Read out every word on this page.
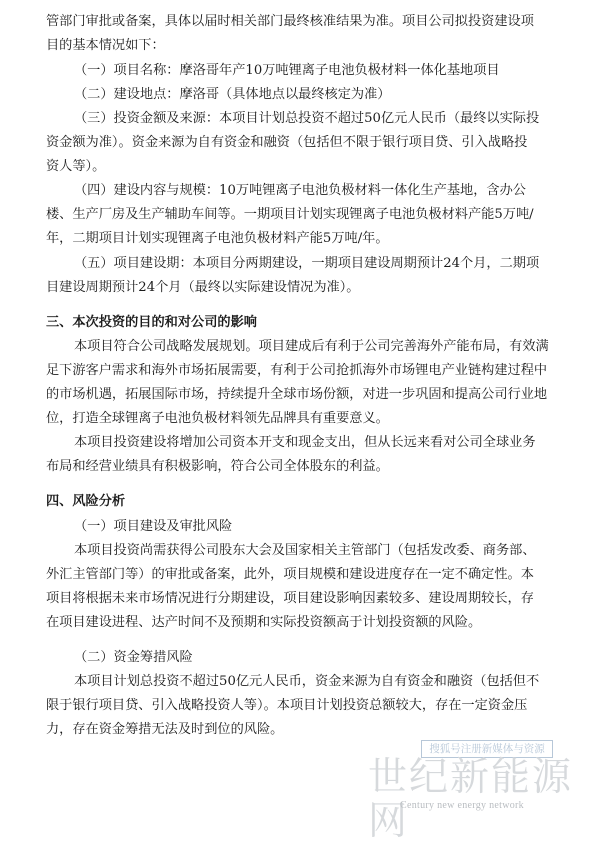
管部门审批或备案，具体以届时相关部门最终核准结果为准。项目公司拟投资建设项
目的基本情况如下：
（一）项目名称：摩洛哥年产10万吨锂离子电池负极材料一体化基地项目
（二）建设地点：摩洛哥（具体地点以最终核定为准）
（三）投资金额及来源：本项目计划总投资不超过50亿元人民币（最终以实际投
资金额为准）。资金来源为自有资金和融资（包括但不限于银行项目贷、引入战略投
资人等）。
（四）建设内容与规模：10万吨锂离子电池负极材料一体化生产基地，含办公
楼、生产厂房及生产辅助车间等。一期项目计划实现锂离子电池负极材料产能5万吨/
年，二期项目计划实现锂离子电池负极材料产能5万吨/年。
（五）项目建设期：本项目分两期建设，一期项目建设周期预计24个月，二期项
目建设周期预计24个月（最终以实际建设情况为准）。
三、本次投资的目的和对公司的影响
本项目符合公司战略发展规划。项目建成后有利于公司完善海外产能布局，有效满
足下游客户需求和海外市场拓展需要，有利于公司抢抓海外市场锂电产业链构建过程中
的市场机遇，拓展国际市场，持续提升全球市场份额，对进一步巩固和提高公司行业地
位，打造全球锂离子电池负极材料领先品牌具有重要意义。
本项目投资建设将增加公司资本开支和现金支出，但从长远来看对公司全球业务
布局和经营业绩具有积极影响，符合公司全体股东的利益。
四、风险分析
（一）项目建设及审批风险
本项目投资尚需获得公司股东大会及国家相关主管部门（包括发改委、商务部、
外汇主管部门等）的审批或备案，此外，项目规模和建设进度存在一定不确定性。本
项目将根据未来市场情况进行分期建设，项目建设影响因素较多、建设周期较长，存
在项目建设进程、达产时间不及预期和实际投资额高于计划投资额的风险。
（二）资金筹措风险
本项目计划总投资不超过50亿元人民币，资金来源为自有资金和融资（包括但不
限于银行项目贷、引入战略投资人等）。本项目计划投资总额较大，存在一定资金压
力，存在资金筹措无法及时到位的风险。
搜狐号注册新媒体与资源
世纪新能源网
Century new energy network
